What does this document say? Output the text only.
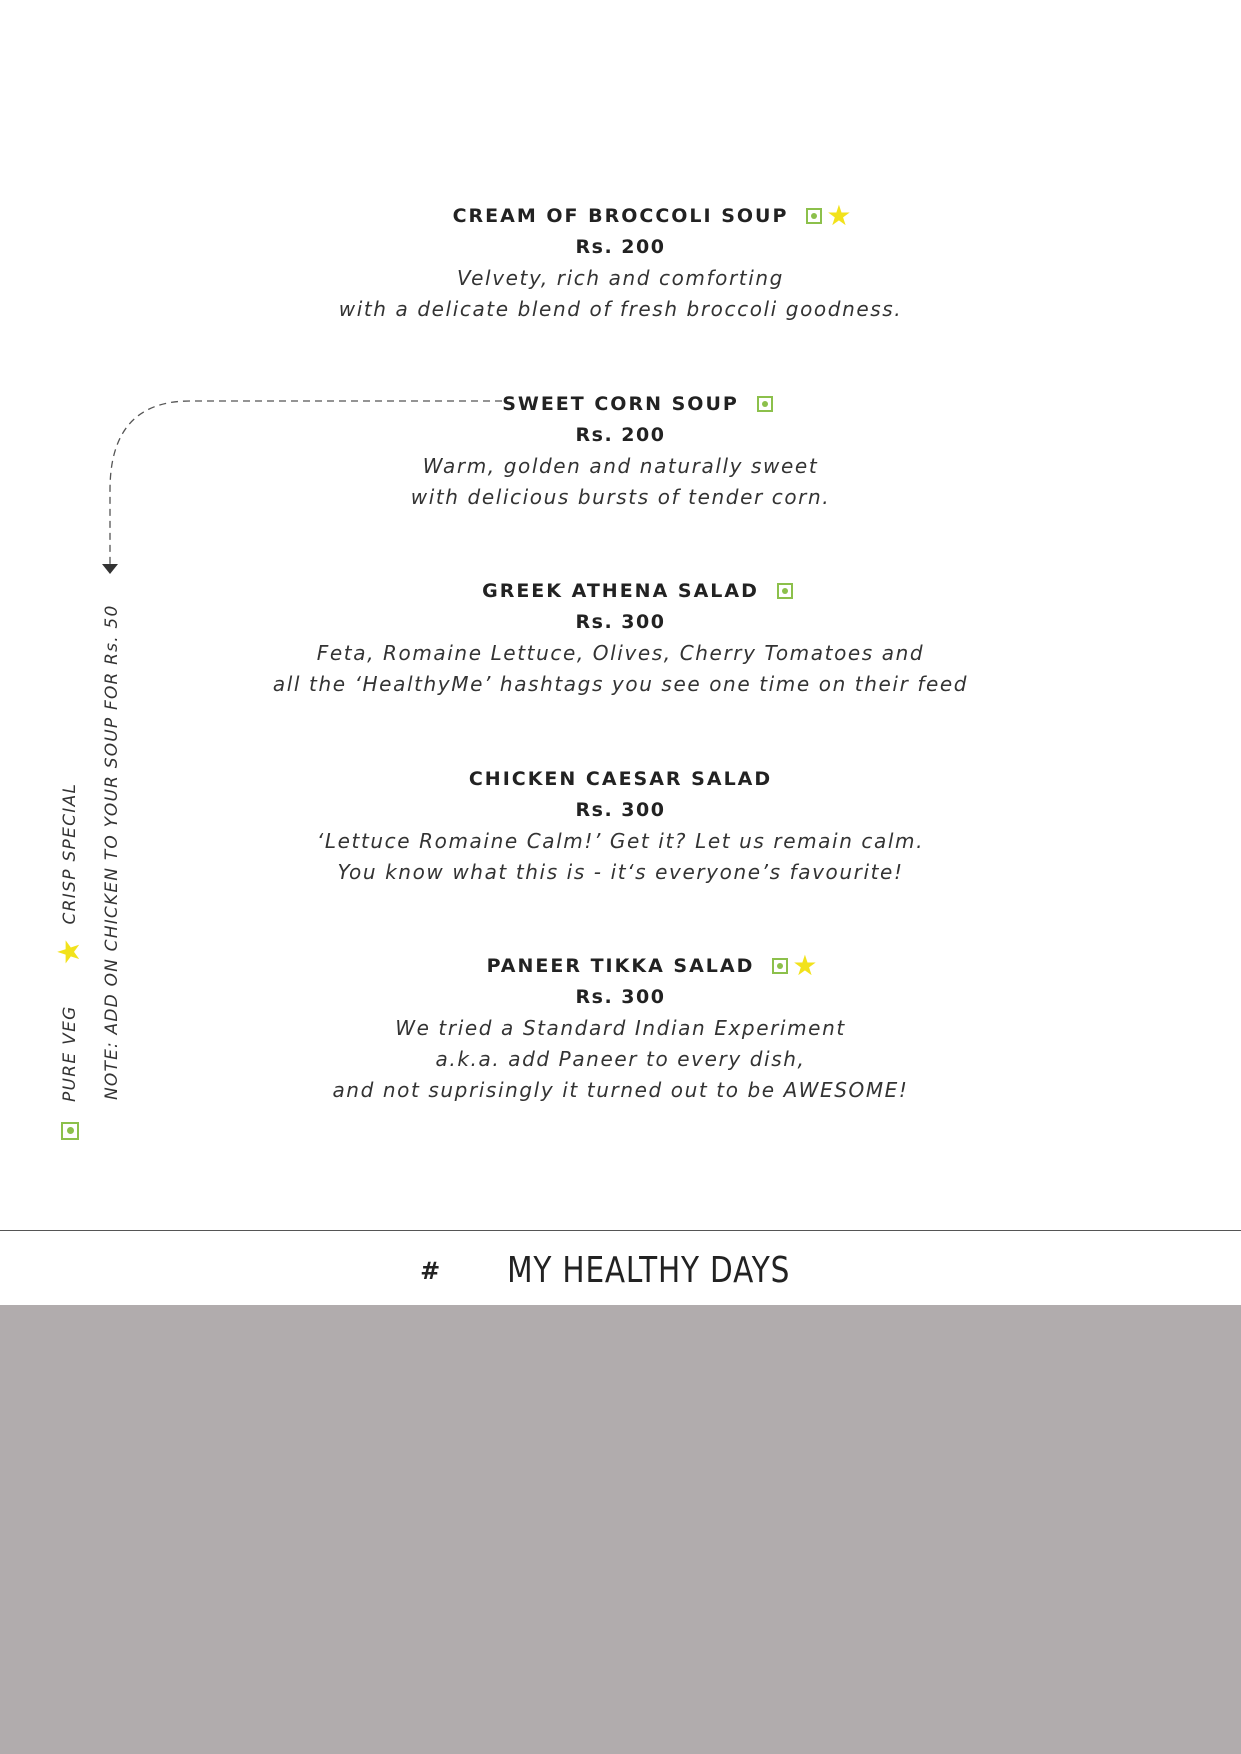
CREAM OF BROCCOLI SOUP ★
Rs. 200
Velvety, rich and comforting
with a delicate blend of fresh broccoli goodness.
SWEET CORN SOUP
Rs. 200
Warm, golden and naturally sweet
with delicious bursts of tender corn.
GREEK ATHENA SALAD
Rs. 300
Feta, Romaine Lettuce, Olives, Cherry Tomatoes and
all the ‘HealthyMe’ hashtags you see one time on their feed
CHICKEN CAESAR SALAD
Rs. 300
‘Lettuce Romaine Calm!’ Get it? Let us remain calm.
You know what this is - it‘s everyone’s favourite!
PANEER TIKKA SALAD ★
Rs. 300
We tried a Standard Indian Experiment
a.k.a. add Paneer to every dish,
and not suprisingly it turned out to be AWESOME!
PURE VEG
★
CRISP SPECIAL NOTE: ADD ON CHICKEN TO YOUR SOUP FOR Rs. 50
# MY HEALTHY DAYS
